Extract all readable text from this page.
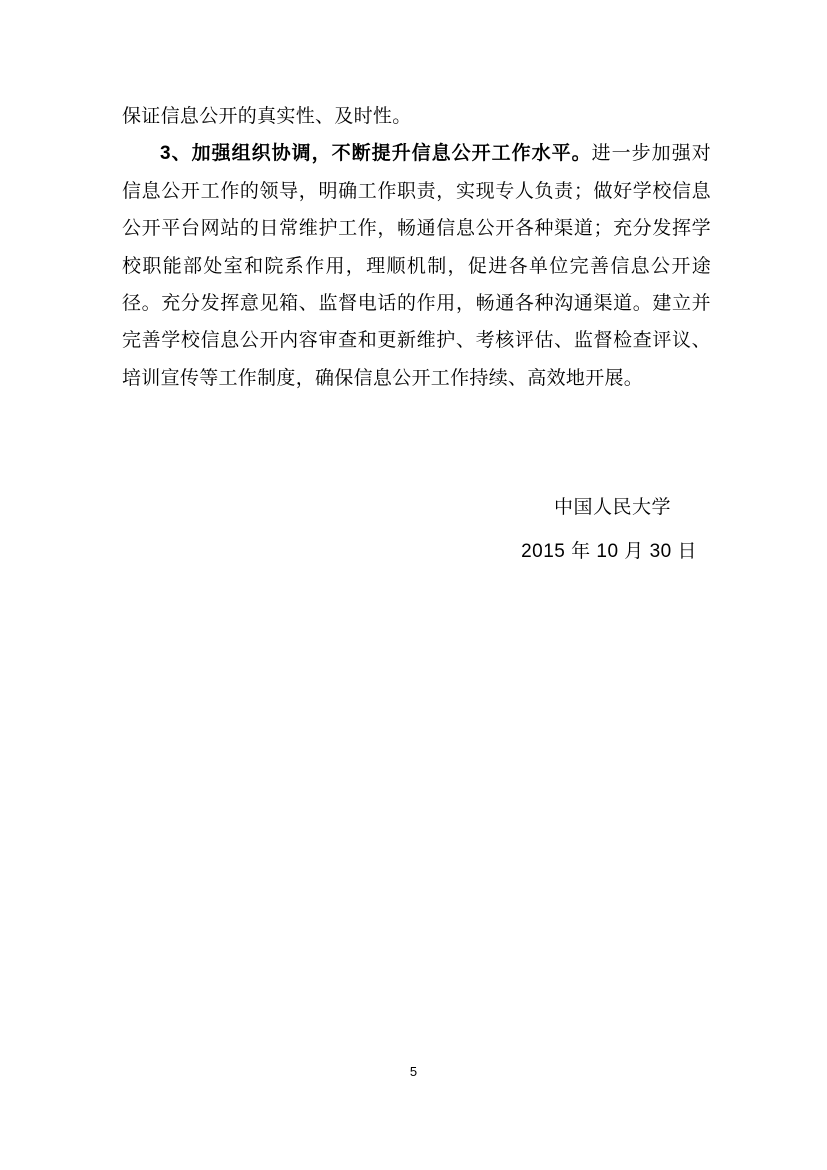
保证信息公开的真实性、及时性。

3、加强组织协调，不断提升信息公开工作水平。进一步加强对信息公开工作的领导，明确工作职责，实现专人负责；做好学校信息公开平台网站的日常维护工作，畅通信息公开各种渠道；充分发挥学校职能部处室和院系作用，理顺机制，促进各单位完善信息公开途径。充分发挥意见箱、监督电话的作用，畅通各种沟通渠道。建立并完善学校信息公开内容审查和更新维护、考核评估、监督检查评议、培训宣传等工作制度，确保信息公开工作持续、高效地开展。

中国人民大学
2015 年 10 月 30 日
5
